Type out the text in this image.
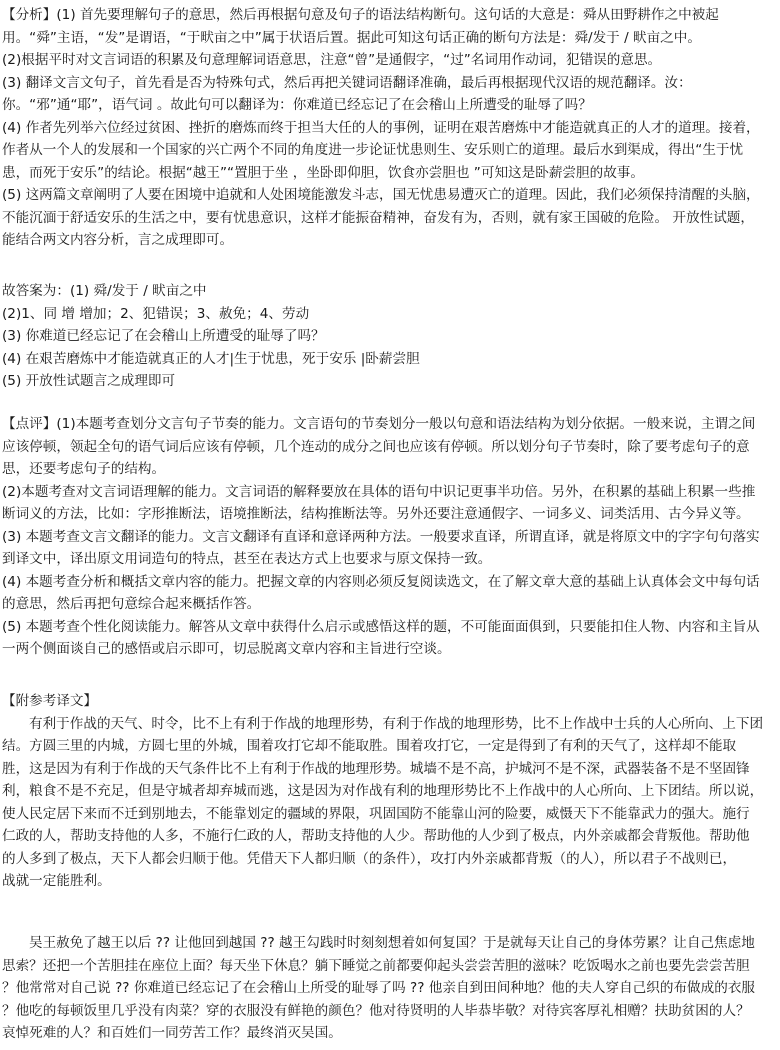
【分析】(1) 首先要理解句子的意思，然后再根据句意及句子的语法结构断句。这句话的大意是：舜从田野耕作之中被起
用。“舜”主语，“发”是谓语，“于畎亩之中”属于状语后置。据此可知这句话正确的断句方法是：舜/发于 / 畎亩之中。
(2)根据平时对文言词语的积累及句意理解词语意思，注意“曾”是通假字，“过”名词用作动词，犯错误的意思。
(3) 翻译文言文句子，首先看是否为特殊句式，然后再把关键词语翻译准确，最后再根据现代汉语的规范翻译。汝：
你。“邪”通“耶”，语气词 。故此句可以翻译为：你难道已经忘记了在会稽山上所遭受的耻辱了吗？
(4) 作者先列举六位经过贫困、挫折的磨炼而终于担当大任的人的事例，证明在艰苦磨炼中才能造就真正的人才的道理。接着，
作者从一个人的发展和一个国家的兴亡两个不同的角度进一步论证忧患则生、安乐则亡的道理。最后水到渠成，得出“生于忧
患，而死于安乐”的结论。根据“越王”“置胆于坐 ，坐卧即仰胆，饮食亦尝胆也 ”可知这是卧薪尝胆的故事。
(5) 这两篇文章阐明了人要在困境中追就和人处困境能激发斗志，国无忧患易遭灭亡的道理。因此，我们必须保持清醒的头脑，
不能沉湎于舒适安乐的生活之中，要有忧患意识，这样才能振奋精神，奋发有为，否则，就有家王国破的危险。 开放性试题，
能结合两文内容分析，言之成理即可。
故答案为：(1) 舜/发于 / 畎亩之中
(2)1、同 增 增加；2、犯错误；3、赦免；4、劳动
(3) 你难道已经忘记了在会稽山上所遭受的耻辱了吗？
(4) 在艰苦磨炼中才能造就真正的人才|生于忧患，死于安乐 |卧薪尝胆
(5) 开放性试题言之成理即可
【点评】(1)本题考查划分文言句子节奏的能力。文言语句的节奏划分一般以句意和语法结构为划分依据。一般来说，主谓之间
应该停顿，领起全句的语气词后应该有停顿，几个连动的成分之间也应该有停顿。所以划分句子节奏时，除了要考虑句子的意
思，还要考虑句子的结构。
(2)本题考查对文言词语理解的能力。文言词语的解释要放在具体的语句中识记更事半功倍。另外，在积累的基础上积累一些推
断词义的方法，比如：字形推断法，语境推断法，结构推断法等。另外还要注意通假字、一词多义、词类活用、古今异义等。
(3) 本题考查文言文翻译的能力。文言文翻译有直译和意译两种方法。一般要求直译，所谓直译，就是将原文中的字字句句落实
到译文中，译出原文用词造句的特点，甚至在表达方式上也要求与原文保持一致。
(4) 本题考查分析和概括文章内容的能力。把握文章的内容则必须反复阅读选文，在了解文章大意的基础上认真体会文中每句话
的意思，然后再把句意综合起来概括作答。
(5) 本题考查个性化阅读能力。解答从文章中获得什么启示或感悟这样的题，不可能面面俱到，只要能扣住人物、内容和主旨从
一两个侧面谈自己的感悟或启示即可，切忌脱离文章内容和主旨进行空谈。
【附参考译文】
有利于作战的天气、时令，比不上有利于作战的地理形势，有利于作战的地理形势，比不上作战中士兵的人心所向、上下团
结。方圆三里的内城，方圆七里的外城，围着攻打它却不能取胜。围着攻打它，一定是得到了有利的天气了，这样却不能取
胜，这是因为有利于作战的天气条件比不上有利于作战的地理形势。城墙不是不高，护城河不是不深，武器装备不是不坚固锋
利，粮食不是不充足，但是守城者却弃城而逃，这是因为对作战有利的地理形势比不上作战中的人心所向、上下团结。所以说，
使人民定居下来而不迁到别地去，不能靠划定的疆域的界限，巩固国防不能靠山河的险要，威慑天下不能靠武力的强大。施行
仁政的人，帮助支持他的人多，不施行仁政的人，帮助支持他的人少。帮助他的人少到了极点，内外亲戚都会背叛他。帮助他
的人多到了极点，天下人都会归顺于他。凭借天下人都归顺（的条件），攻打内外亲戚都背叛（的人），所以君子不战则已，
战就一定能胜利。
吴王赦免了越王以后 ?? 让他回到越国 ?? 越王勾践时时刻刻想着如何复国？于是就每天让自己的身体劳累？让自己焦虑地
思索？还把一个苦胆挂在座位上面？每天坐下休息？躺下睡觉之前都要仰起头尝尝苦胆的滋味？吃饭喝水之前也要先尝尝苦胆
？他常常对自己说 ?? 你难道已经忘记了在会稽山上所受的耻辱了吗 ?? 他亲自到田间种地？他的夫人穿自己织的布做成的衣服
？他吃的每顿饭里几乎没有肉菜？穿的衣服没有鲜艳的颜色？他对待贤明的人毕恭毕敬？对待宾客厚礼相赠？扶助贫困的人？
哀悼死难的人？和百姓们一同劳苦工作？最终消灭吴国。
